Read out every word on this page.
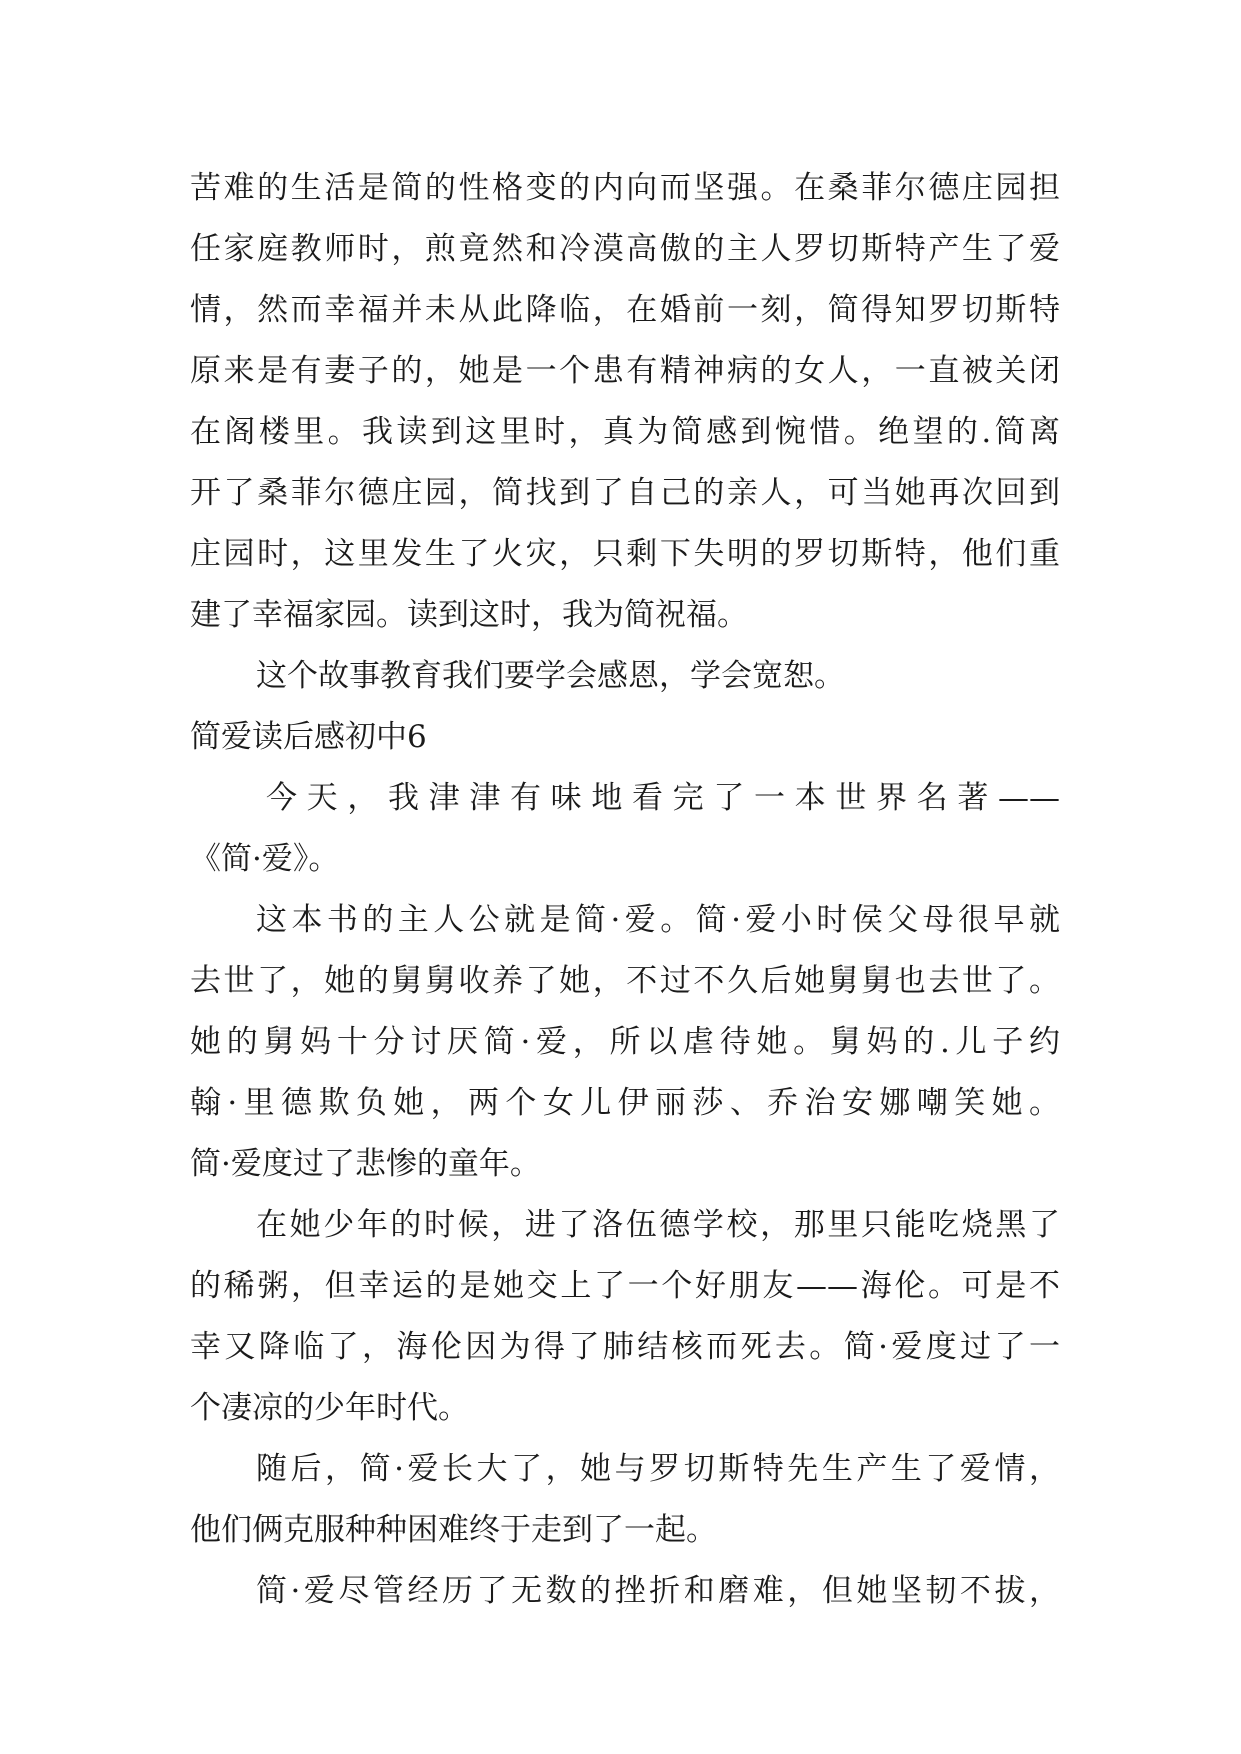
苦难的生活是简的性格变的内向而坚强。在桑菲尔德庄园担
任家庭教师时，煎竟然和冷漠高傲的主人罗切斯特产生了爱
情，然而幸福并未从此降临，在婚前一刻，简得知罗切斯特
原来是有妻子的，她是一个患有精神病的女人，一直被关闭
在阁楼里。我读到这里时，真为简感到惋惜。绝望的.简离
开了桑菲尔德庄园，简找到了自己的亲人，可当她再次回到
庄园时，这里发生了火灾，只剩下失明的罗切斯特，他们重
建了幸福家园。读到这时，我为简祝福。
这个故事教育我们要学会感恩，学会宽恕。
简爱读后感初中6
今天，我津津有味地看完了一本世界名著——
《简·爱》。
这本书的主人公就是简·爱。简·爱小时侯父母很早就
去世了，她的舅舅收养了她，不过不久后她舅舅也去世了。
她的舅妈十分讨厌简·爱，所以虐待她。舅妈的.儿子约
翰·里德欺负她，两个女儿伊丽莎、乔治安娜嘲笑她。
简·爱度过了悲惨的童年。
在她少年的时候，进了洛伍德学校，那里只能吃烧黑了
的稀粥，但幸运的是她交上了一个好朋友——海伦。可是不
幸又降临了，海伦因为得了肺结核而死去。简·爱度过了一
个凄凉的少年时代。
随后，简·爱长大了，她与罗切斯特先生产生了爱情，
他们俩克服种种困难终于走到了一起。
简·爱尽管经历了无数的挫折和磨难，但她坚韧不拔，
